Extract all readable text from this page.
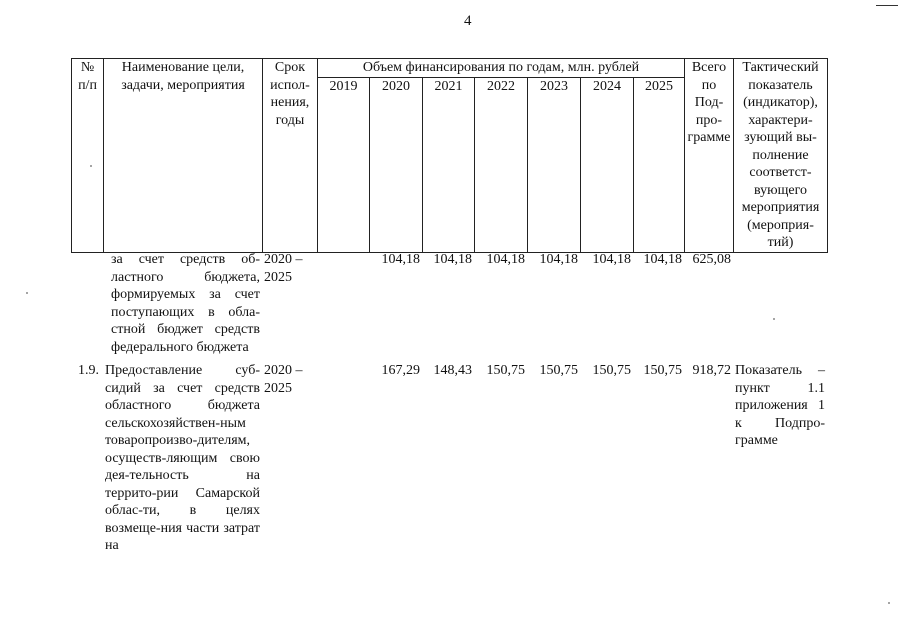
4
№ п/п	Наименование цели, задачи, мероприятия	Срок испол-нения, годы	Объем финансирования по годам, млн. рублей							Всего по Под-про-грамме	Тактический показатель (индикатор), характери-зующий вы-полнение соответст-вующего мероприятия (мероприя-тий)
			2019	2020	2021	2022	2023	2024	2025		
	за счет средств об-ластного бюджета, формируемых за счет поступающих в обла-стной бюджет средств федерального бюджета	2020 – 2025		104,18	104,18	104,18	104,18	104,18	104,18	625,08	

1.9.	Предоставление суб-сидий за счет средств областного бюджета сельскохозяйствен-ным товаропроизво-дителям, осуществ-ляющим свою дея-тельность на террито-рии Самарской облас-ти, в целях возмеще-ния части затрат на	2020 – 2025		167,29	148,43	150,75	150,75	150,75	150,75	918,72	Показатель – пункт 1.1 приложения 1 к Подпро-грамме
